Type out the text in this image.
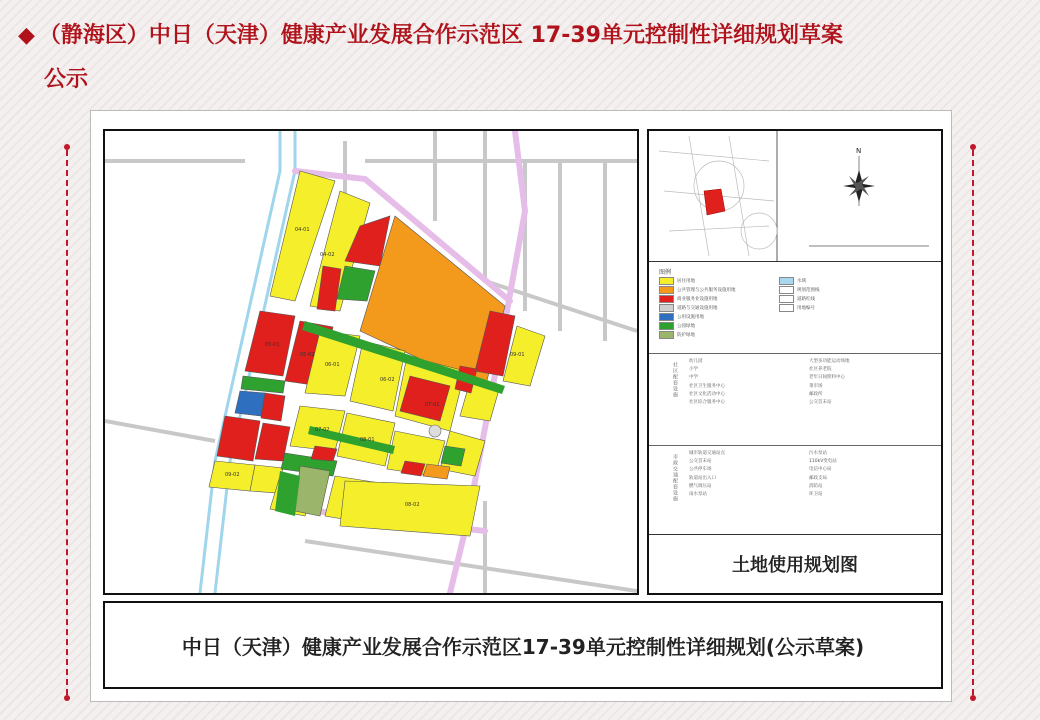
◆ （静海区）中日（天津）健康产业发展合作示范区 17-39单元控制性详细规划草案
公示
04-01
04-02
05-01
05-02
06-01
06-02
07-01
07-02
08-01
08-02
09-01
09-02
N
图例
居住用地
公共管理与公共服务设施用地
商业服务业设施用地
道路与交通设施用地
公用设施用地
公园绿地
防护绿地
水域
规划范围线
道路红线
用地编号
社区配套设施
幼儿园
小学
中学
社区卫生服务中心
社区文化活动中心
社区综合服务中心
大型多功能运动场地
社区养老院
老年日间照料中心
菜市场
邮政所
公交首末站
市政交通配套设施
城市轨道交通站点
公交首末站
公共停车场
轨道站出入口
燃气调压站
雨水泵站
污水泵站
110kV变电站
电信中心局
邮政支局
消防站
环卫站
土地使用规划图
中日（天津）健康产业发展合作示范区17-39单元控制性详细规划(公示草案)
